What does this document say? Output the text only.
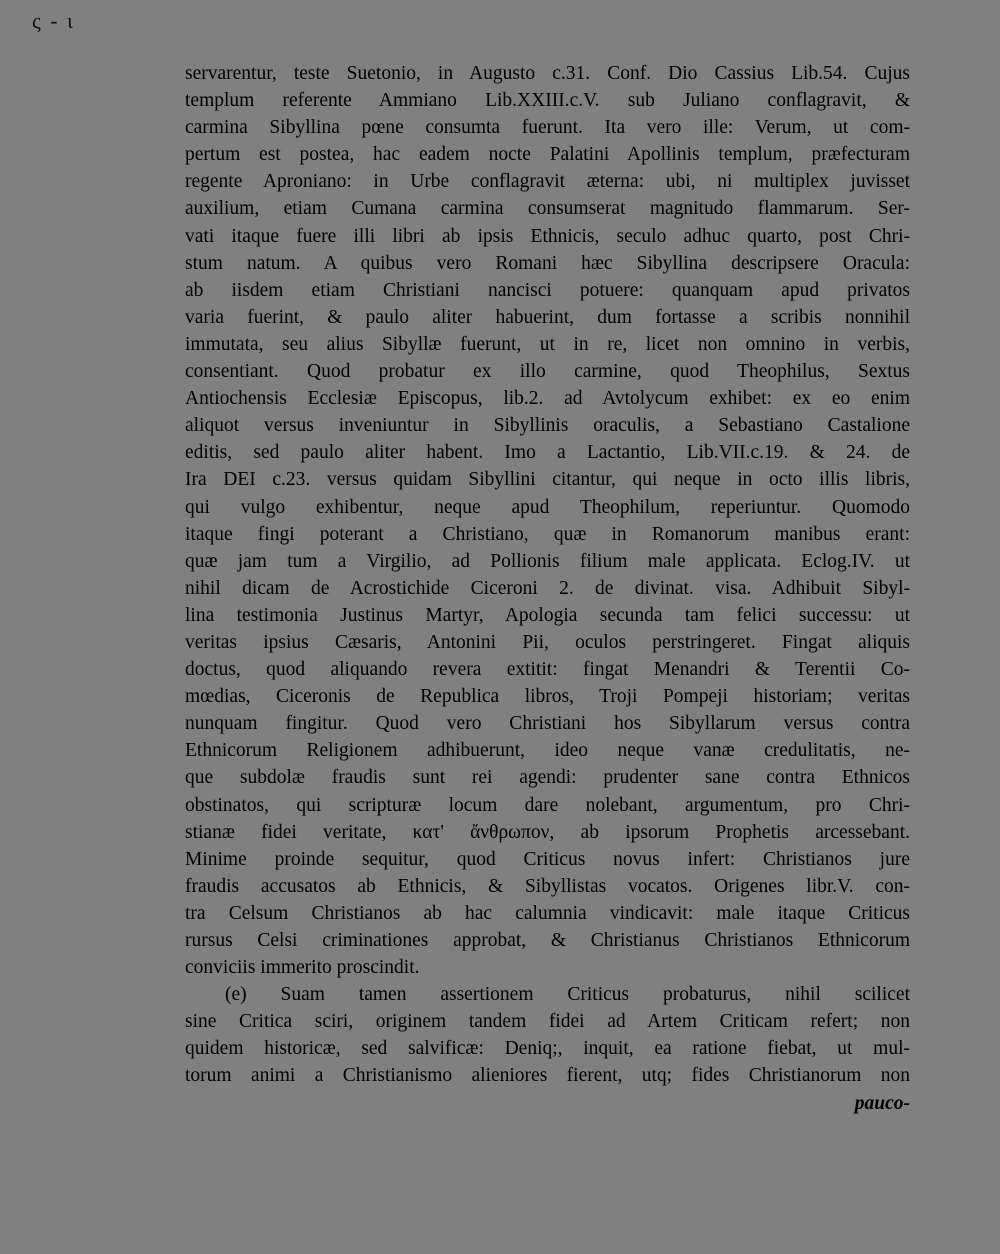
ς - ι
servarentur, teste Suetonio, in Augusto c.31. Conf. Dio Cassius Lib.54. Cujus
templum referente Ammiano Lib.XXIII.c.V. sub Juliano conflagravit, &
carmina Sibyllina pœne consumta fuerunt. Ita vero ille: Verum, ut com-
pertum est postea, hac eadem nocte Palatini Apollinis templum, præfecturam
regente Aproniano: in Urbe conflagravit æterna: ubi, ni multiplex juvisset
auxilium, etiam Cumana carmina consumserat magnitudo flammarum. Ser-
vati itaque fuere illi libri ab ipsis Ethnicis, seculo adhuc quarto, post Chri-
stum natum. A quibus vero Romani hæc Sibyllina descripsere Oracula:
ab iisdem etiam Christiani nancisci potuere: quanquam apud privatos
varia fuerint, & paulo aliter habuerint, dum fortasse a scribis nonnihil
immutata, seu alius Sibyllæ fuerunt, ut in re, licet non omnino in verbis,
consentiant. Quod probatur ex illo carmine, quod Theophilus, Sextus
Antiochensis Ecclesiæ Episcopus, lib.2. ad Avtolycum exhibet: ex eo enim
aliquot versus inveniuntur in Sibyllinis oraculis, a Sebastiano Castalione
editis, sed paulo aliter habent. Imo a Lactantio, Lib.VII.c.19. & 24. de
Ira DEI c.23. versus quidam Sibyllini citantur, qui neque in octo illis libris,
qui vulgo exhibentur, neque apud Theophilum, reperiuntur. Quomodo
itaque fingi poterant a Christiano, quæ in Romanorum manibus erant:
quæ jam tum a Virgilio, ad Pollionis filium male applicata. Eclog.IV. ut
nihil dicam de Acrostichide Ciceroni 2. de divinat. visa. Adhibuit Sibyl-
lina testimonia Justinus Martyr, Apologia secunda tam felici successu: ut
veritas ipsius Cæsaris, Antonini Pii, oculos perstringeret. Fingat aliquis
doctus, quod aliquando revera extitit: fingat Menandri & Terentii Co-
mœdias, Ciceronis de Republica libros, Troji Pompeji historiam; veritas
nunquam fingitur. Quod vero Christiani hos Sibyllarum versus contra
Ethnicorum Religionem adhibuerunt, ideo neque vanæ credulitatis, ne-
que subdolæ fraudis sunt rei agendi: prudenter sane contra Ethnicos
obstinatos, qui scripturæ locum dare nolebant, argumentum, pro Chri-
stianæ fidei veritate, κατ' ἄνθρωπον, ab ipsorum Prophetis arcessebant.
Minime proinde sequitur, quod Criticus novus infert: Christianos jure
fraudis accusatos ab Ethnicis, & Sibyllistas vocatos. Origenes libr.V. con-
tra Celsum Christianos ab hac calumnia vindicavit: male itaque Criticus
rursus Celsi criminationes approbat, & Christianus Christianos Ethnicorum
conviciis immerito proscindit.
(e) Suam tamen assertionem Criticus probaturus, nihil scilicet
sine Critica sciri, originem tandem fidei ad Artem Criticam refert; non
quidem historicæ, sed salvificæ: Deniq;, inquit, ea ratione fiebat, ut mul-
torum animi a Christianismo alieniores fierent, utq; fides Christianorum non
pauco-
